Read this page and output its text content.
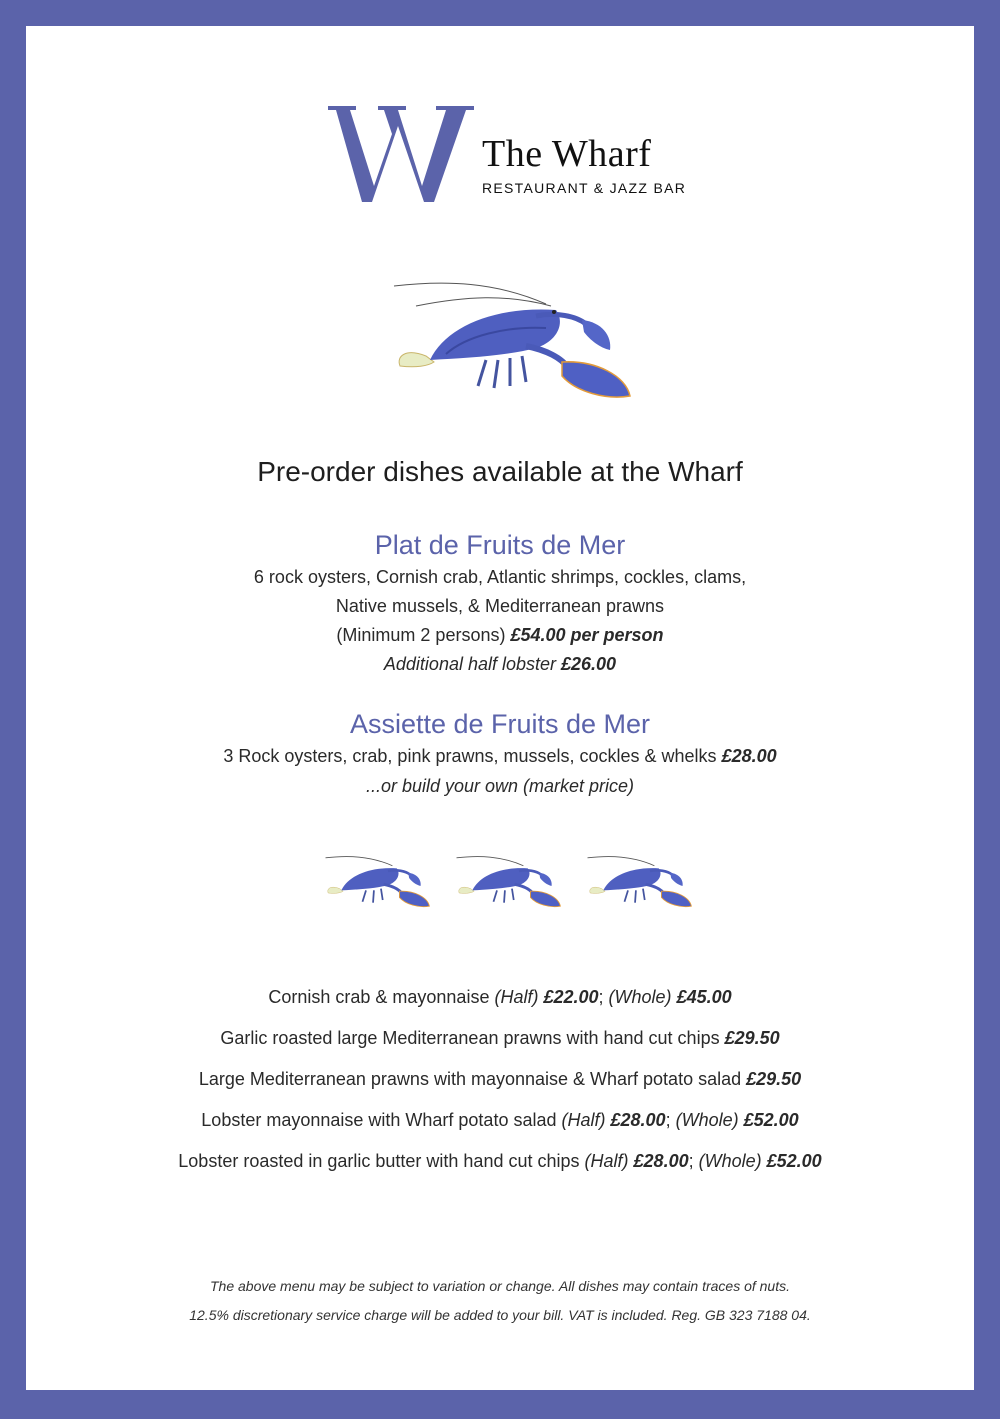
The Wharf
RESTAURANT & JAZZ BAR
Pre-order dishes available at the Wharf
Plat de Fruits de Mer
6 rock oysters, Cornish crab, Atlantic shrimps, cockles, clams,
Native mussels, & Mediterranean prawns
(Minimum 2 persons) £54.00 per person
Additional half lobster £26.00
Assiette de Fruits de Mer
3 Rock oysters, crab, pink prawns, mussels, cockles & whelks £28.00
...or build your own (market price)
Cornish crab & mayonnaise (Half) £22.00; (Whole) £45.00
Garlic roasted large Mediterranean prawns with hand cut chips £29.50
Large Mediterranean prawns with mayonnaise & Wharf potato salad £29.50
Lobster mayonnaise with Wharf potato salad (Half) £28.00; (Whole) £52.00
Lobster roasted in garlic butter with hand cut chips (Half) £28.00; (Whole) £52.00
The above menu may be subject to variation or change. All dishes may contain traces of nuts.
12.5% discretionary service charge will be added to your bill. VAT is included. Reg. GB 323 7188 04.
